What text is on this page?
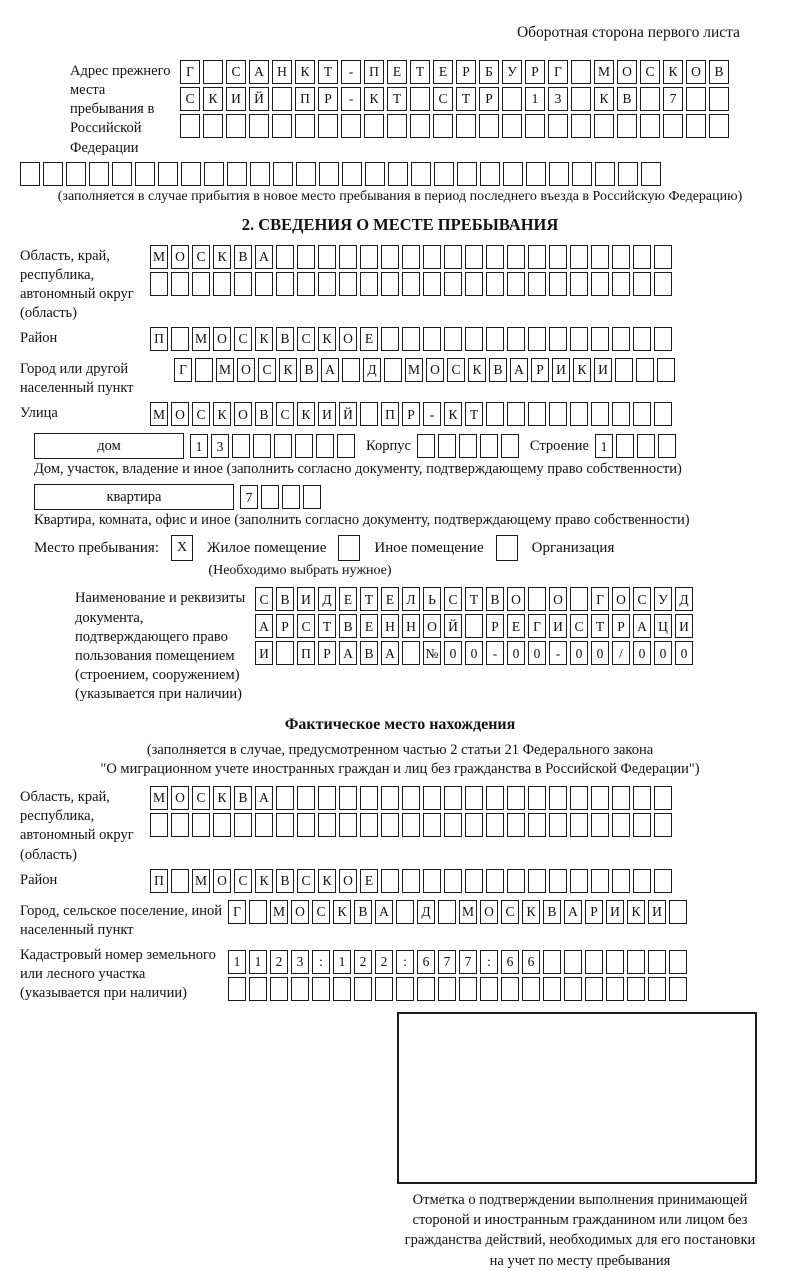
Оборотная сторона первого листа
Адрес прежнего места пребывания в Российской Федерации
Г	С	А Н	К	Т	-	П	Е	Т	Е	Р	Б	У	Р	Г	М О	С	К	О	В
С	К	И Й	П	Р	-	К	Т	С	Т	Р	1	3	К	В	7
(заполняется в случае прибытия в новое место пребывания в период последнего въезда в Российскую Федерацию)
2. СВЕДЕНИЯ О МЕСТЕ ПРЕБЫВАНИЯ
Область, край, республика, автономный округ (область)
М О С К В А
Район	П	М О С К В С К О Е
Город или другой населенный пункт
Г	М О С К В А	Д	М О С К В А Р И К И
Улица	М О С К О В С К И Й	П Р	-	К Т
дом	1	3	Корпус	Строение 1
Дом, участок, владение и иное (заполнить согласно документу, подтверждающему право собственности)
квартира	7
Квартира, комната, офис и иное (заполнить согласно документу, подтверждающему право собственности)
Место пребывания:	X	Жилое помещение	Иное помещение	Организация
(Необходимо выбрать нужное)
Наименование и реквизиты документа, подтверждающего право пользования помещением (строением, сооружением) (указывается при наличии)
С В И Д Е Т Е Л Ь С Т В О	О	Г О С У Д
А Р С Т В Е Н Н О Й	Р Е Г И С Т Р А Ц И
И	П Р А В А	№ 0	0	-	0	0	-	0	0	/	0	0	0
Фактическое место нахождения
(заполняется в случае, предусмотренном частью 2 статьи 21 Федерального закона
"О миграционном учете иностранных граждан и лиц без гражданства в Российской Федерации")
Область, край, республика, автономный округ (область)
М О С К В А
Район	П	М О С К В С К О Е
Город, сельское поселение, иной населенный пункт
Г	М О С К В А	Д	М О С К В А Р И К И
Кадастровый номер земельного или лесного участка (указывается при наличии)
1	1	2	3	:	1	2	2	:	6	7	7	:	6	6
Отметка о подтверждении выполнения принимающей стороной и иностранным гражданином или лицом без гражданства действий, необходимых для его постановки на учет по месту пребывания
